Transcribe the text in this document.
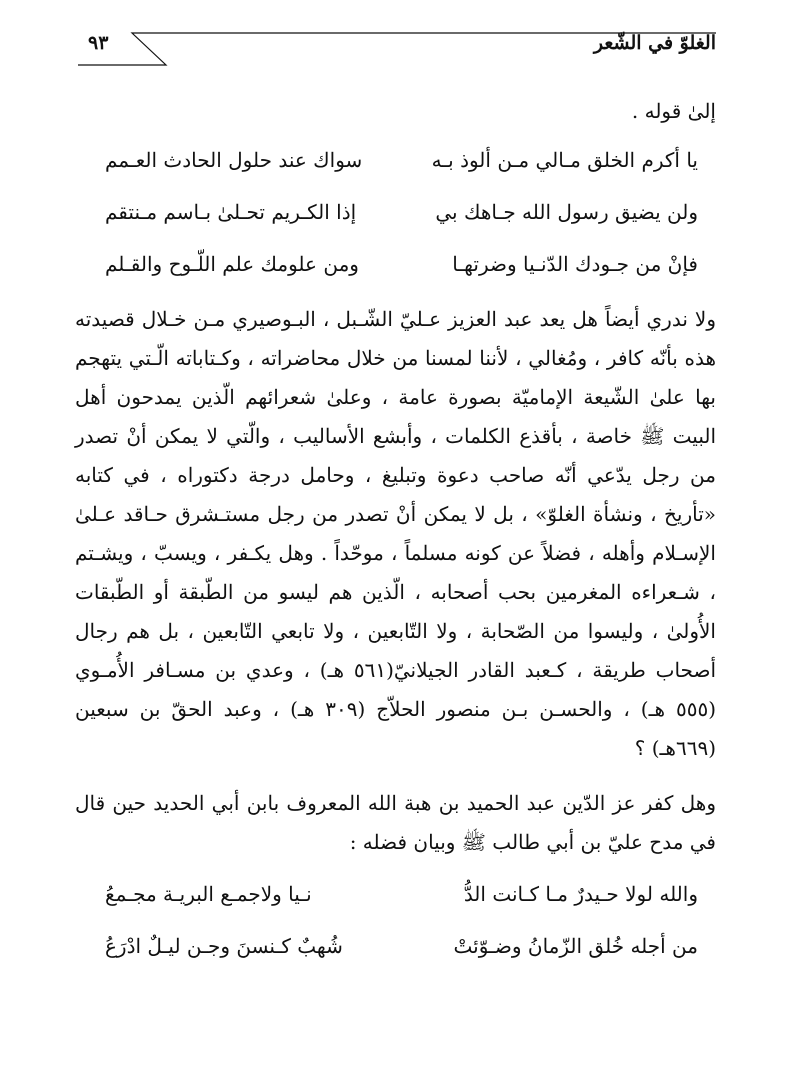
الغلوّ في الشّعر
٩٣
إلىٰ قوله .
يا أكرم الخلق مـالي مـن ألوذ بـه
سواك عند حلول الحادث العـمم
ولن يضيق رسول الله جـاهك بي
إذا الكـريم تحـلىٰ بـاسم مـنتقم
فإنْ من جـودك الدّنـيا وضرتهـا
ومن علومك علم اللّـوح والقـلم

ولا ندري أيضاً هل يعد عبد العزيز عـليّ الشّـبل ، البـوصيري مـن خـلال قصيدته هذه بأنّه كافر ، ومُغالي ، لأننا لمسنا من خلال محاضراته ، وكـتاباته الّـتي يتهجم بها علىٰ الشّيعة الإماميّة بصورة عامة ، وعلىٰ شعرائهم الّذين يمدحون أهل البيت ﷺ خاصة ، بأقذع الكلمات ، وأبشع الأساليب ، والّتي لا يمكن أنْ تصدر من رجل يدّعي أنّه صاحب دعوة وتبليغ ، وحامل درجة دكتوراه ، في كتابه «تأريخ ، ونشأة الغلوّ» ، بل لا يمكن أنْ تصدر من رجل مستـشرق حـاقد عـلىٰ الإسـلام وأهله ، فضلاً عن كونه مسلماً ، موحّداً . وهل يكـفر ، ويسبّ ، ويشـتم ، شـعراءه المغرمين بحب أصحابه ، الّذين هم ليسو من الطّبقة أو الطّبقات الأُولىٰ ، وليسوا من الصّحابة ، ولا التّابعين ، ولا تابعي التّابعين ، بل هم رجال أصحاب طريقة ، كـعبد القادر الجيلانيّ(٥٦١ هـ) ، وعدي بن مسـافر الأُمـوي (٥٥٥ هـ) ، والحسـن بـن منصور الحلاّج (٣٠٩ هـ) ، وعبد الحقّ بن سبعين (٦٦٩هـ) ؟

وهل كفر عز الدّين عبد الحميد بن هبة الله المعروف بابن أبي الحديد حين قال في مدح عليّ بن أبي طالب ﷺ وبيان فضله :

والله لولا حـيدرٌ مـا كـانت الدُّ
نـيا ولاجمـع البريـة مجـمعُ
من أجله خُلق الزّمانُ وضـوّئتْ
شُهبٌ كـنسنَ وجـن ليـلٌ ادْرَعُ
